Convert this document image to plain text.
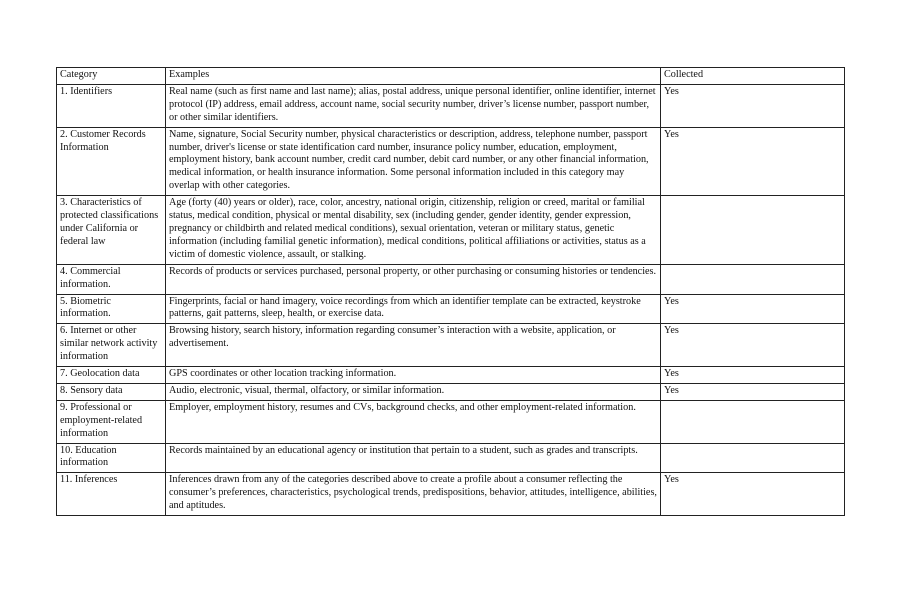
Category	Examples	Collected
1. Identifiers	Real name (such as first name and last name); alias, postal address, unique personal identifier, online identifier, internet protocol (IP) address, email address, account name, social security number, driver’s license number, passport number, or other similar identifiers.	Yes
2. Customer Records Information	Name, signature, Social Security number, physical characteristics or description, address, telephone number, passport number, driver's license or state identification card number, insurance policy number, education, employment, employment history, bank account number, credit card number, debit card number, or any other financial information, medical information, or health insurance information. Some personal information included in this category may overlap with other categories.	Yes
3. Characteristics of protected classifications under California or federal law	Age (forty (40) years or older), race, color, ancestry, national origin, citizenship, religion or creed, marital or familial status, medical condition, physical or mental disability, sex (including gender, gender identity, gender expression, pregnancy or childbirth and related medical conditions), sexual orientation, veteran or military status, genetic information (including familial genetic information), medical conditions, political affiliations or activities, status as a victim of domestic violence, assault, or stalking.	
4. Commercial information.	Records of products or services purchased, personal property, or other purchasing or consuming histories or tendencies.	
5. Biometric information.	Fingerprints, facial or hand imagery, voice recordings from which an identifier template can be extracted, keystroke patterns, gait patterns, sleep, health, or exercise data.	Yes
6. Internet or other similar network activity information	Browsing history, search history, information regarding consumer’s interaction with a website, application, or advertisement.	Yes
7. Geolocation data	GPS coordinates or other location tracking information.	Yes
8. Sensory data	Audio, electronic, visual, thermal, olfactory, or similar information.	Yes
9. Professional or employment-related information	Employer, employment history, resumes and CVs, background checks, and other employment-related information.	
10. Education information	Records maintained by an educational agency or institution that pertain to a student, such as grades and transcripts.	
11. Inferences	Inferences drawn from any of the categories described above to create a profile about a consumer reflecting the consumer’s preferences, characteristics, psychological trends, predispositions, behavior, attitudes, intelligence, abilities, and aptitudes.	Yes
